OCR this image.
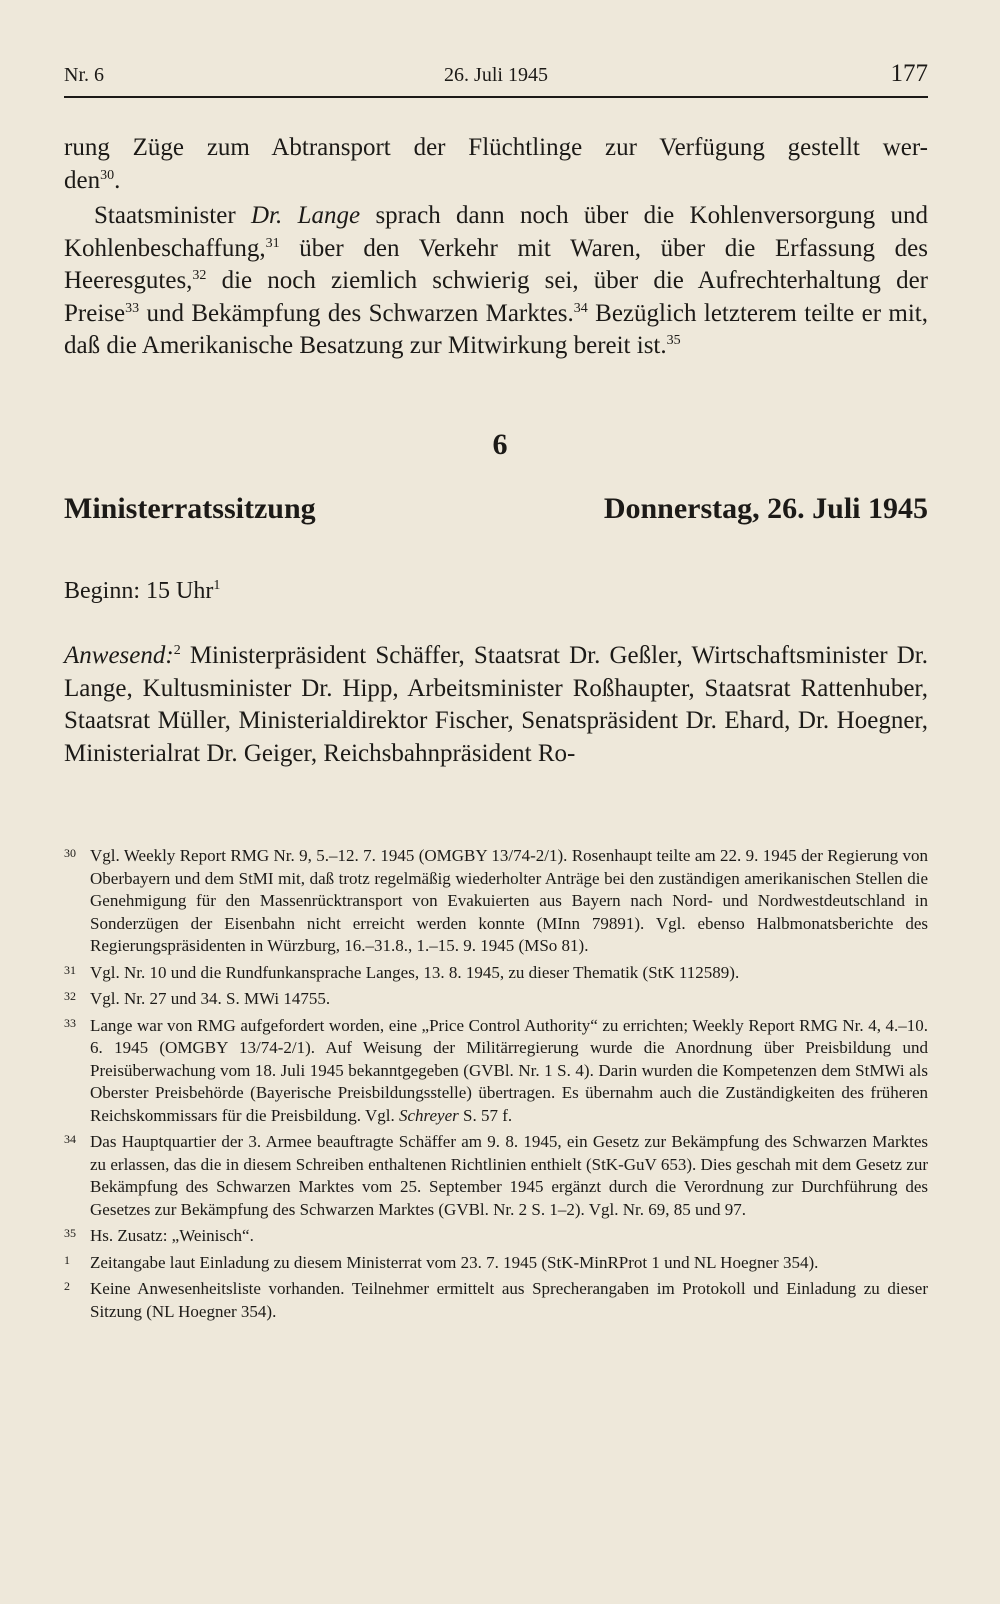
Nr. 6	26. Juli 1945	177
rung Züge zum Abtransport der Flüchtlinge zur Verfügung gestellt wer-
den$^{30}$.
Staatsminister Dr. Lange sprach dann noch über die Kohlenversorgung und Kohlenbeschaffung,$^{31}$ über den Verkehr mit Waren, über die Erfassung des Heeresgutes,$^{32}$ die noch ziemlich schwierig sei, über die Aufrechterhaltung der Preise$^{33}$ und Bekämpfung des Schwarzen Marktes.$^{34}$ Bezüglich letzterem teilte er mit, daß die Amerikanische Besatzung zur Mitwirkung bereit ist.$^{35}$
6
Ministerratssitzung	Donnerstag, 26. Juli 1945
Beginn: 15 Uhr$^1$
Anwesend:$^2$ Ministerpräsident Schäffer, Staatsrat Dr. Geßler, Wirtschaftsminister Dr. Lange, Kultusminister Dr. Hipp, Arbeitsminister Roßhaupter, Staatsrat Rattenhuber, Staatsrat Müller, Ministerialdirektor Fischer, Senatspräsident Dr. Ehard, Dr. Hoegner, Ministerialrat Dr. Geiger, Reichsbahnpräsident Ro-
30 Vgl. Weekly Report RMG Nr. 9, 5.–12. 7. 1945 (OMGBY 13/74-2/1). Rosenhaupt teilte am 22. 9. 1945 der Regierung von Oberbayern und dem StMI mit, daß trotz regelmäßig wiederholter Anträge bei den zuständigen amerikanischen Stellen die Genehmigung für den Massenrücktransport von Evakuierten aus Bayern nach Nord- und Nordwestdeutschland in Sonderzügen der Eisenbahn nicht erreicht werden konnte (MInn 79891). Vgl. ebenso Halbmonatsberichte des Regierungspräsidenten in Würzburg, 16.–31.8., 1.–15. 9. 1945 (MSo 81).
31 Vgl. Nr. 10 und die Rundfunkansprache Langes, 13. 8. 1945, zu dieser Thematik (StK 112589).
32 Vgl. Nr. 27 und 34. S. MWi 14755.
33 Lange war von RMG aufgefordert worden, eine „Price Control Authority“ zu errichten; Weekly Report RMG Nr. 4, 4.–10. 6. 1945 (OMGBY 13/74-2/1). Auf Weisung der Militärregierung wurde die Anordnung über Preisbildung und Preisüberwachung vom 18. Juli 1945 bekanntgegeben (GVBl. Nr. 1 S. 4). Darin wurden die Kompetenzen dem StMWi als Oberster Preisbehörde (Bayerische Preisbildungsstelle) übertragen. Es übernahm auch die Zuständigkeiten des früheren Reichskommissars für die Preisbildung. Vgl. Schreyer S. 57 f.
34 Das Hauptquartier der 3. Armee beauftragte Schäffer am 9. 8. 1945, ein Gesetz zur Bekämpfung des Schwarzen Marktes zu erlassen, das die in diesem Schreiben enthaltenen Richtlinien enthielt (StK-GuV 653). Dies geschah mit dem Gesetz zur Bekämpfung des Schwarzen Marktes vom 25. September 1945 ergänzt durch die Verordnung zur Durchführung des Gesetzes zur Bekämpfung des Schwarzen Marktes (GVBl. Nr. 2 S. 1–2). Vgl. Nr. 69, 85 und 97.
35 Hs. Zusatz: „Weinisch“.
1 Zeitangabe laut Einladung zu diesem Ministerrat vom 23. 7. 1945 (StK-MinRProt 1 und NL Hoegner 354).
2 Keine Anwesenheitsliste vorhanden. Teilnehmer ermittelt aus Sprecherangaben im Protokoll und Einladung zu dieser Sitzung (NL Hoegner 354).
